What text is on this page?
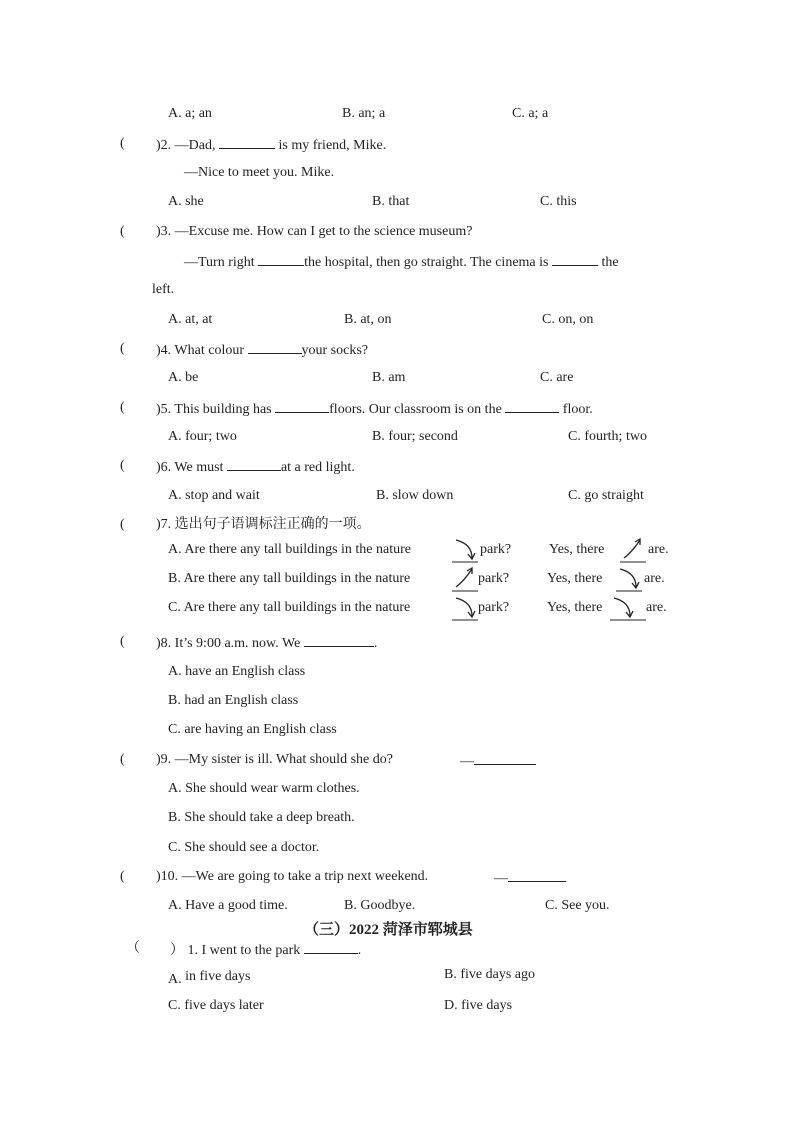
A. a; an	B. an; a	C. a; a
( )2. —Dad,	is my friend, Mike.
—Nice to meet you. Mike.
A. she	B. that	C. this
( )3. —Excuse me. How can I get to the science museum?
—Turn right	the hospital, then go straight. The cinema is	the
left.
A. at, at	B. at, on	C. on, on
( )4. What colour	your socks?
A. be	B. am	C. are
( )5. This building has	floors. Our classroom is on the	floor.
A. four; two	B. four; second	C. fourth; two
( )6. We must	at a red light.
A. stop and wait	B. slow down	C. go straight
( )7. 选出句子语调标注正确的一项。
A. Are there any tall buildings in the nature	park?	Yes, there	are.
B. Are there any tall buildings in the nature	park?	Yes, there	are.
C. Are there any tall buildings in the nature	park?	Yes, there	are.
( )8. It’s 9:00 a.m. now. We	.
A. have an English class
B. had an English class
C. are having an English class
( )9. —My sister is ill. What should she do?	—
A. She should wear warm clothes.
B. She should take a deep breath.
C. She should see a doctor.
( )10. —We are going to take a trip next weekend.	—
A. Have a good time.	B. Goodbye.	C. See you.
（三）2022 菏泽市郓城县
（ ） 1. I went to the park	.
A. in five days	B. five days ago
C. five days later	D. five days
